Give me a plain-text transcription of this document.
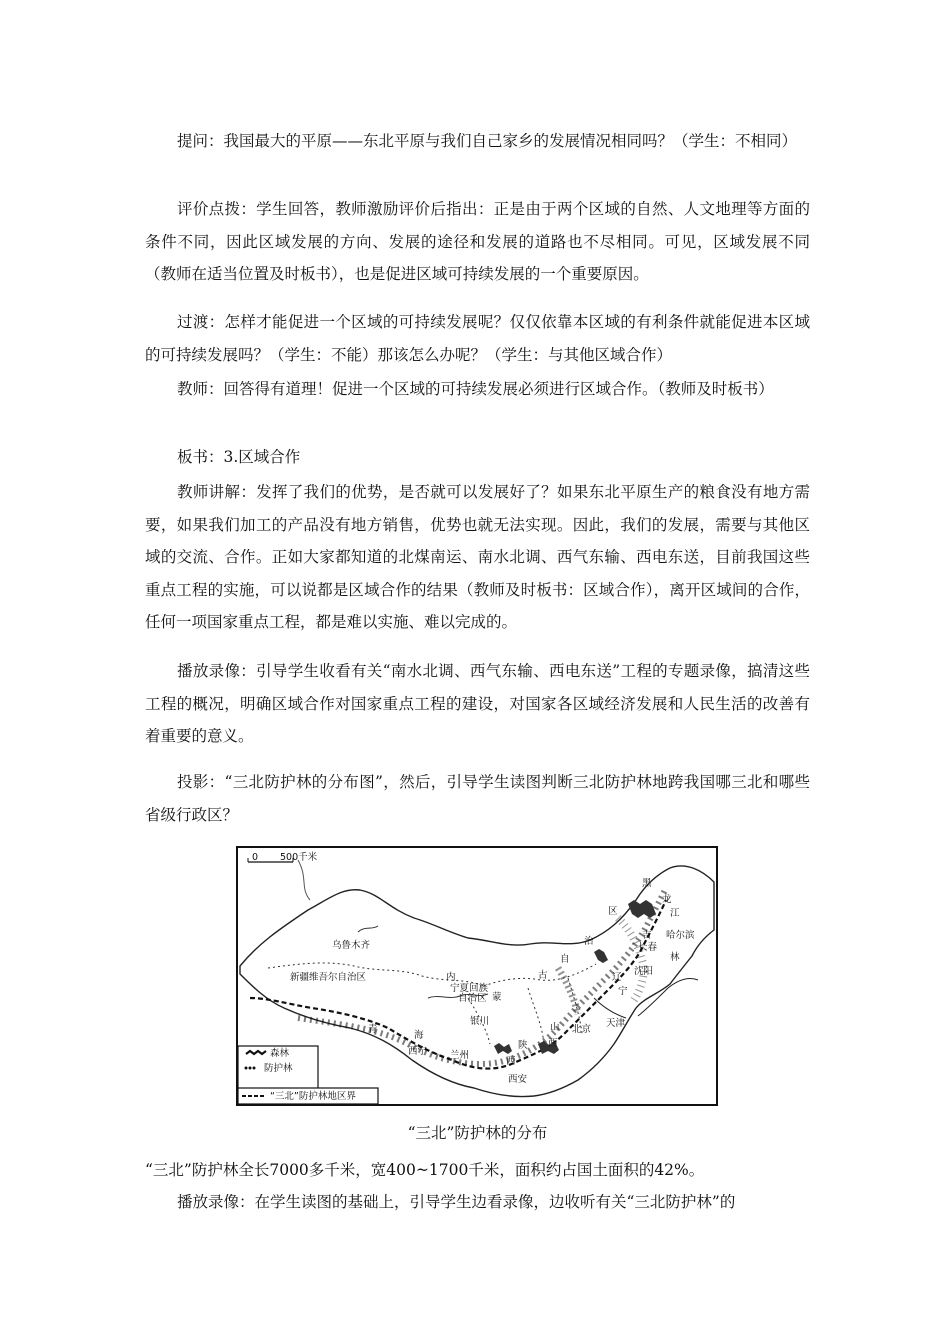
提问：我国最大的平原——东北平原与我们自己家乡的发展情况相同吗？（学生：不相同）

评价点拨：学生回答，教师激励评价后指出：正是由于两个区域的自然、人文地理等方面的条件不同，因此区域发展的方向、发展的途径和发展的道路也不尽相同。可见，区域发展不同（教师在适当位置及时板书），也是促进区域可持续发展的一个重要原因。

过渡：怎样才能促进一个区域的可持续发展呢？仅仅依靠本区域的有利条件就能促进本区域的可持续发展吗？（学生：不能）那该怎么办呢？（学生：与其他区域合作）

教师：回答得有道理！促进一个区域的可持续发展必须进行区域合作。（教师及时板书）

板书：3.区域合作

教师讲解：发挥了我们的优势，是否就可以发展好了？如果东北平原生产的粮食没有地方需要，如果我们加工的产品没有地方销售，优势也就无法实现。因此，我们的发展，需要与其他区域的交流、合作。正如大家都知道的北煤南运、南水北调、西气东输、西电东送，目前我国这些重点工程的实施，可以说都是区域合作的结果（教师及时板书：区域合作），离开区域间的合作，任何一项国家重点工程，都是难以实施、难以完成的。

播放录像：引导学生收看有关“南水北调、西气东输、西电东送”工程的专题录像，搞清这些工程的概况，明确区域合作对国家重点工程的建设，对国家各区域经济发展和人民生活的改善有着重要的意义。

投影：“三北防护林的分布图”，然后，引导学生读图判断三北防护林地跨我国哪三北和哪些省级行政区？

0 500千米
乌鲁木齐
新疆维吾尔自治区
青
海
西宁 兰州
银川
宁夏回族
自治区
内
蒙
古
自
治
区
黑
龙
江
哈尔滨
长春
吉
林
沈阳
辽
宁
北京
天津
山
西
陕
西
西安
森林
防护林
“三北”防护林地区界
“三北”防护林的分布

“三北”防护林全长7000多千米，宽400~1700千米，面积约占国土面积的42%。

播放录像：在学生读图的基础上，引导学生边看录像，边收听有关“三北防护林”的
